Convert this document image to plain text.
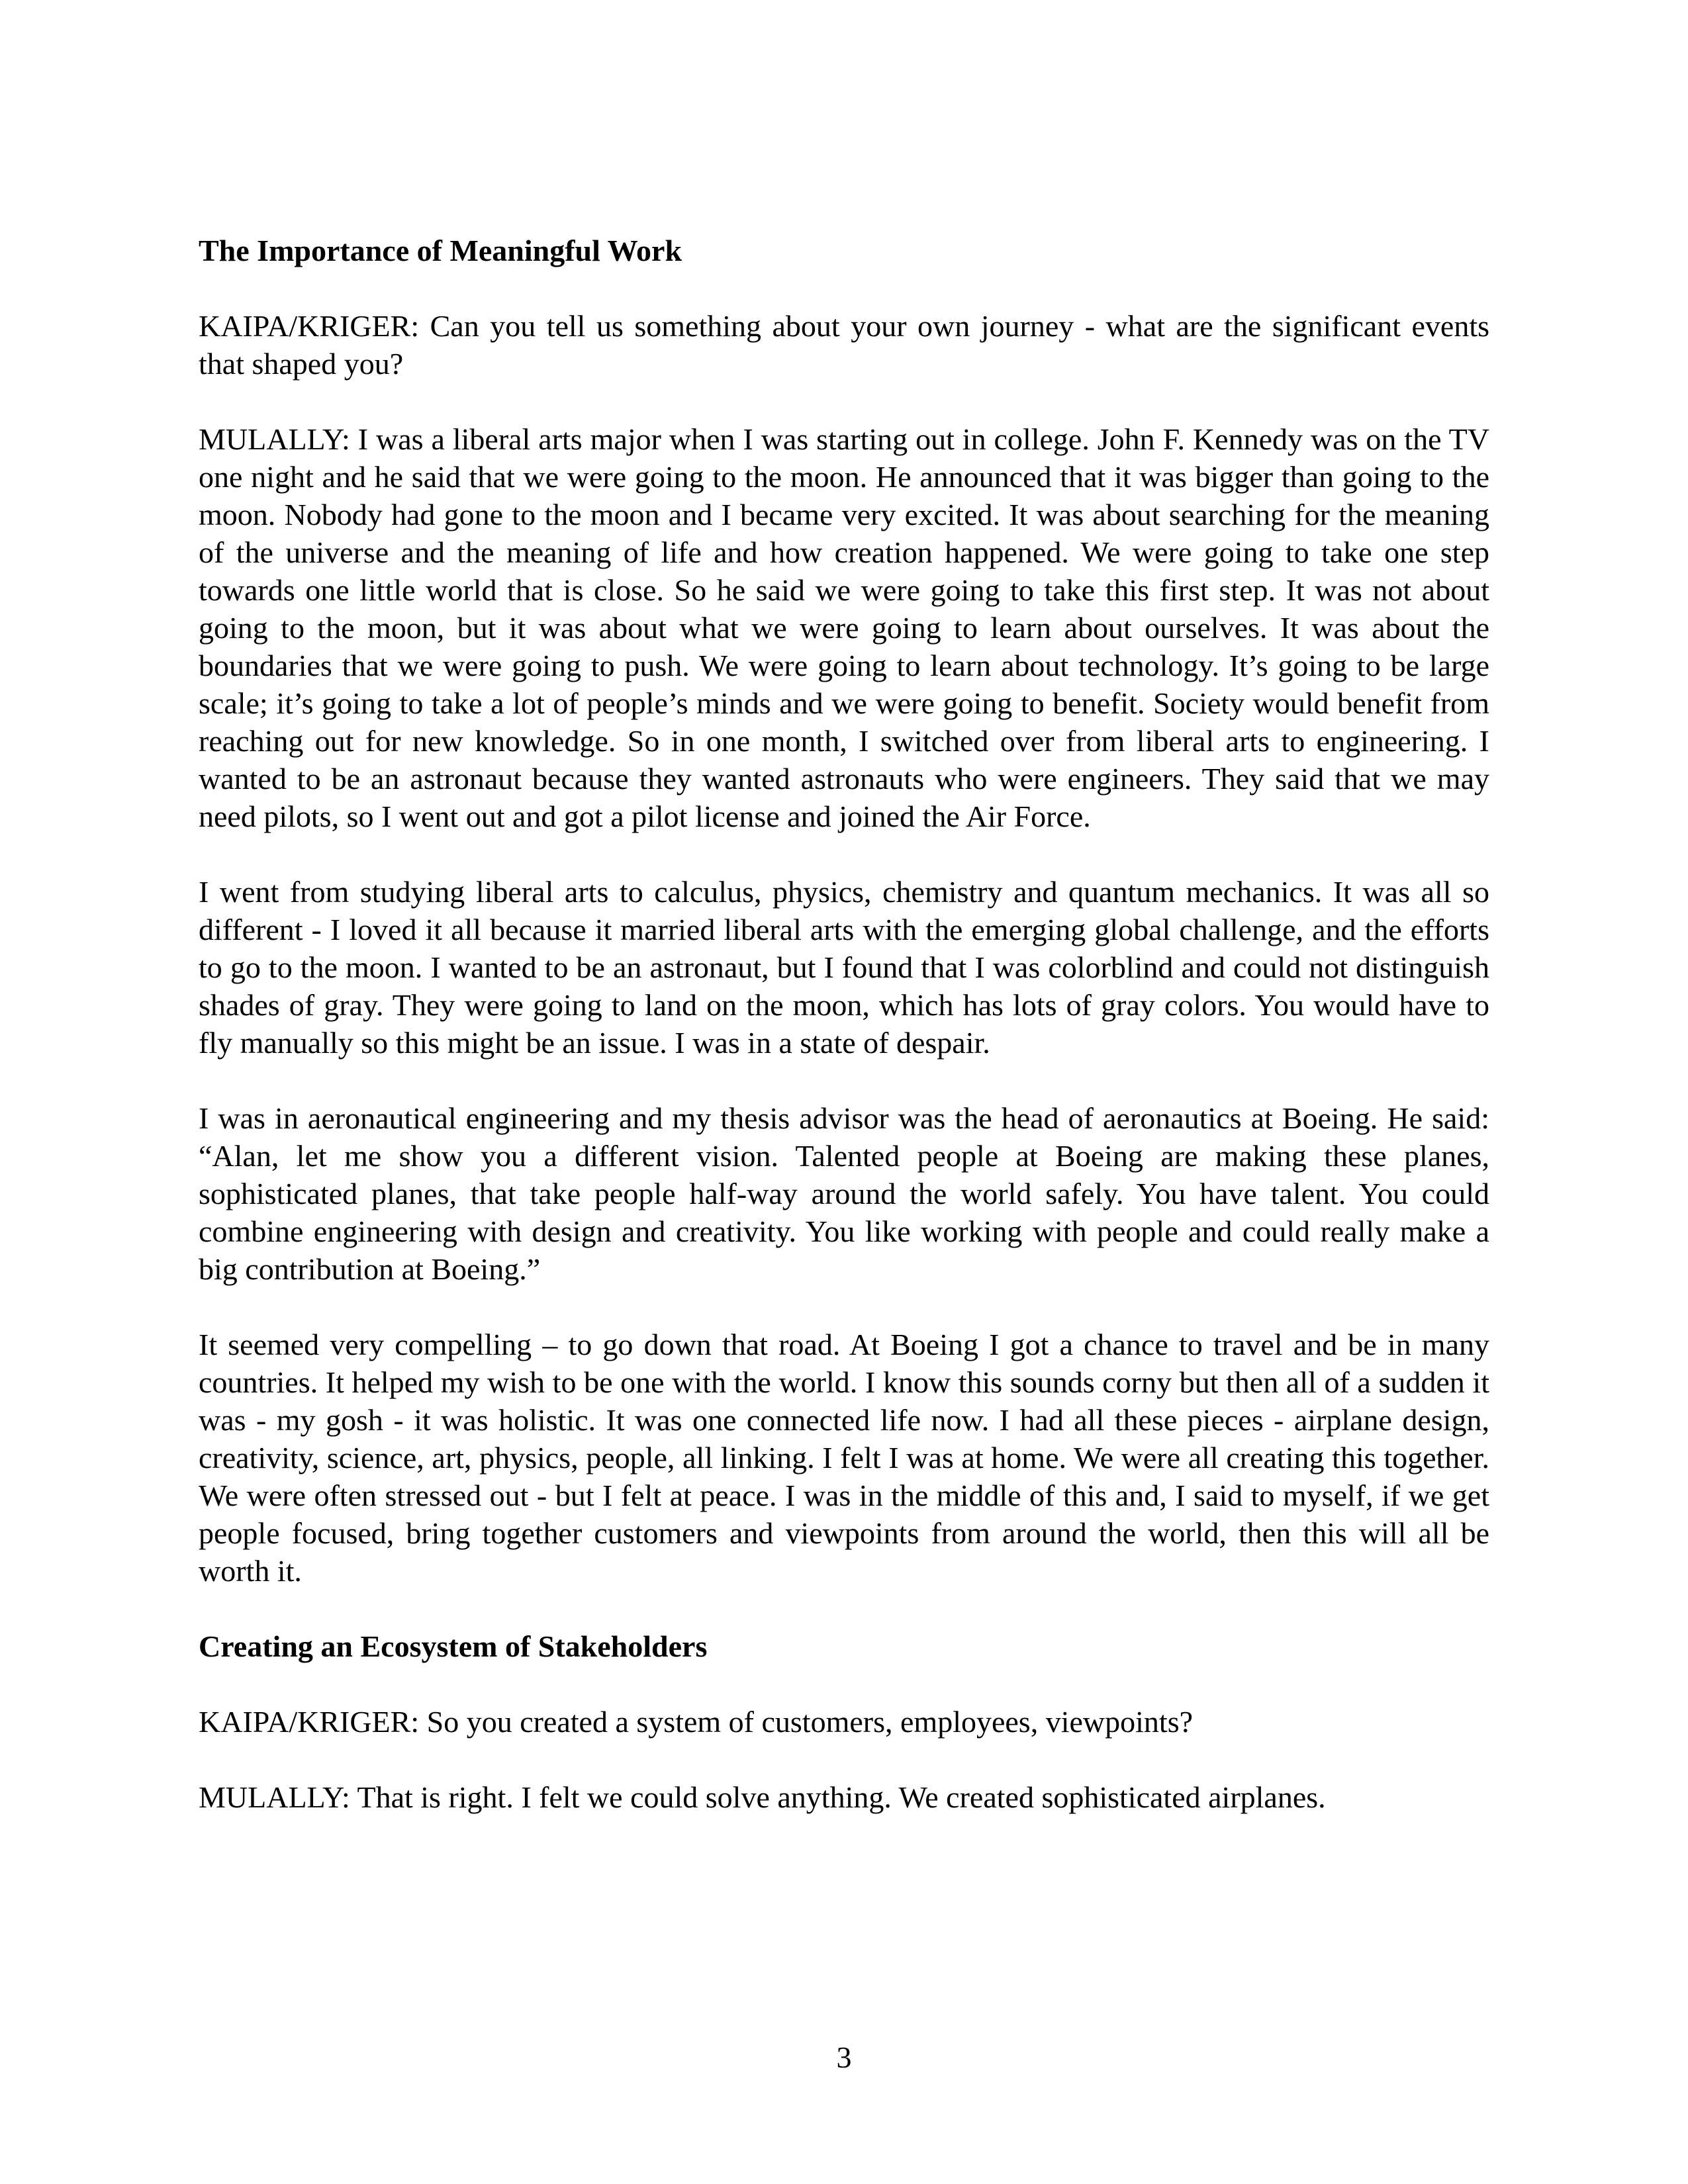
The Importance of Meaningful Work

KAIPA/KRIGER: Can you tell us something about your own journey - what are the significant events that shaped you?

MULALLY: I was a liberal arts major when I was starting out in college. John F. Kennedy was on the TV one night and he said that we were going to the moon. He announced that it was bigger than going to the moon. Nobody had gone to the moon and I became very excited. It was about searching for the meaning of the universe and the meaning of life and how creation happened. We were going to take one step towards one little world that is close. So he said we were going to take this first step. It was not about going to the moon, but it was about what we were going to learn about ourselves. It was about the boundaries that we were going to push. We were going to learn about technology. It’s going to be large scale; it’s going to take a lot of people’s minds and we were going to benefit. Society would benefit from reaching out for new knowledge. So in one month, I switched over from liberal arts to engineering. I wanted to be an astronaut because they wanted astronauts who were engineers. They said that we may need pilots, so I went out and got a pilot license and joined the Air Force.

I went from studying liberal arts to calculus, physics, chemistry and quantum mechanics. It was all so different - I loved it all because it married liberal arts with the emerging global challenge, and the efforts to go to the moon. I wanted to be an astronaut, but I found that I was colorblind and could not distinguish shades of gray. They were going to land on the moon, which has lots of gray colors. You would have to fly manually so this might be an issue. I was in a state of despair.

I was in aeronautical engineering and my thesis advisor was the head of aeronautics at Boeing. He said: “Alan, let me show you a different vision. Talented people at Boeing are making these planes, sophisticated planes, that take people half-way around the world safely. You have talent. You could combine engineering with design and creativity. You like working with people and could really make a big contribution at Boeing.”

It seemed very compelling – to go down that road. At Boeing I got a chance to travel and be in many countries. It helped my wish to be one with the world. I know this sounds corny but then all of a sudden it was - my gosh - it was holistic. It was one connected life now. I had all these pieces - airplane design, creativity, science, art, physics, people, all linking. I felt I was at home. We were all creating this together. We were often stressed out - but I felt at peace. I was in the middle of this and, I said to myself, if we get people focused, bring together customers and viewpoints from around the world, then this will all be worth it.

Creating an Ecosystem of Stakeholders

KAIPA/KRIGER: So you created a system of customers, employees, viewpoints?

MULALLY: That is right. I felt we could solve anything. We created sophisticated airplanes.

3
